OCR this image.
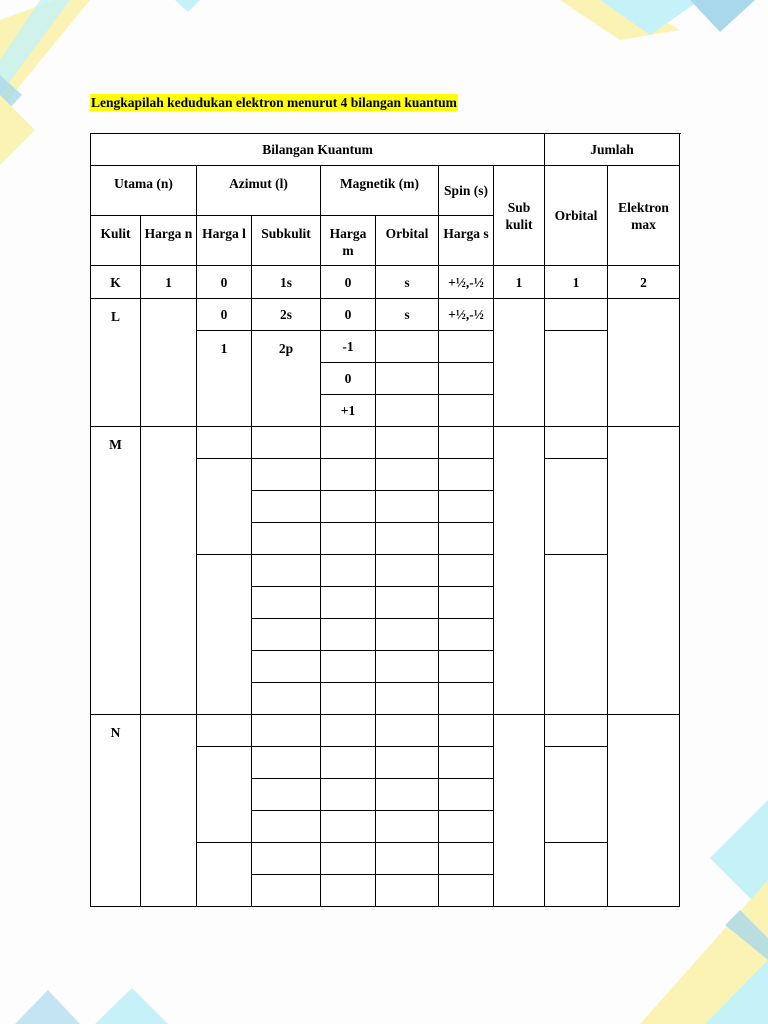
Lengkapilah kedudukan elektron menurut 4 bilangan kuantum
Bilangan Kuantum								Jumlah	
Utama (n)		Azimut (l)		Magnetik (m)		Spin (s)	Sub kulit	Orbital	Elektron max
Kulit	Harga n	Harga l	Subkulit	Harga m	Orbital	Harga s			
K	1	0	1s	0	s	+½,-½	1	1	2
L		0	2s	0	s	+½,-½			
		1	2p	-1					
				0					
				+1					
M									

N									
